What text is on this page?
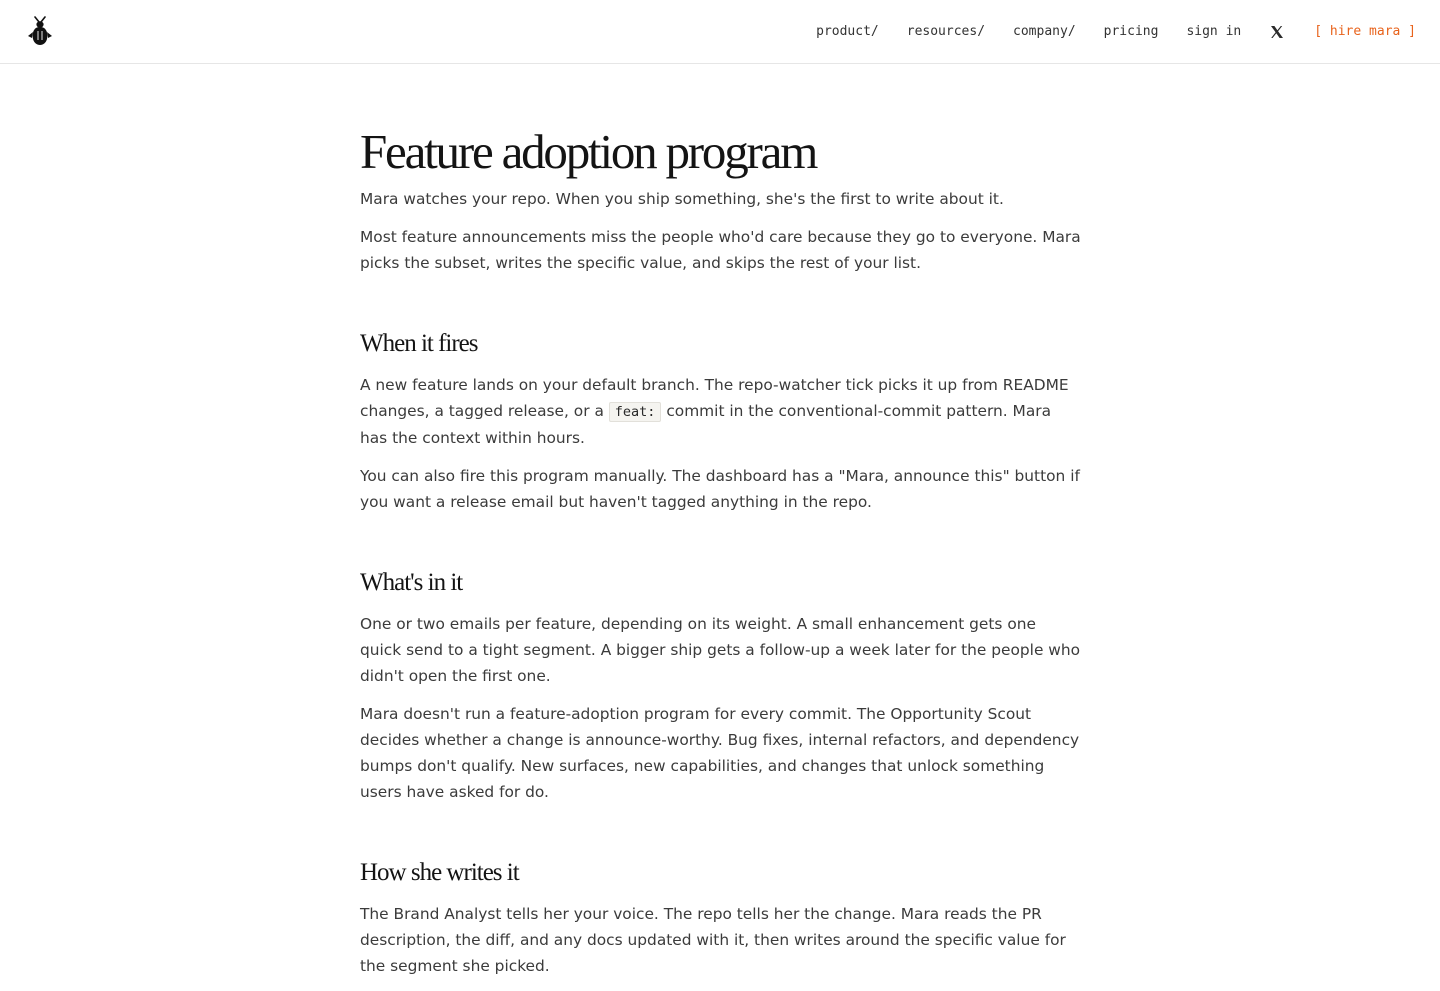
product/ resources/ company/ pricing sign in	[ hire mara ]
Feature adoption program

Mara watches your repo. When you ship something, she's the first to write about it.

Most feature announcements miss the people who'd care because they go to everyone. Mara picks the subset, writes the specific value, and skips the rest of your list.

When it fires

A new feature lands on your default branch. The repo-watcher tick picks it up from README changes, a tagged release, or a feat: commit in the conventional-commit pattern. Mara has the context within hours.

You can also fire this program manually. The dashboard has a "Mara, announce this" button if you want a release email but haven't tagged anything in the repo.

What's in it

One or two emails per feature, depending on its weight. A small enhancement gets one quick send to a tight segment. A bigger ship gets a follow-up a week later for the people who didn't open the first one.

Mara doesn't run a feature-adoption program for every commit. The Opportunity Scout decides whether a change is announce-worthy. Bug fixes, internal refactors, and dependency bumps don't qualify. New surfaces, new capabilities, and changes that unlock something users have asked for do.

How she writes it

The Brand Analyst tells her your voice. The repo tells her the change. Mara reads the PR description, the diff, and any docs updated with it, then writes around the specific value for the segment she picked.
